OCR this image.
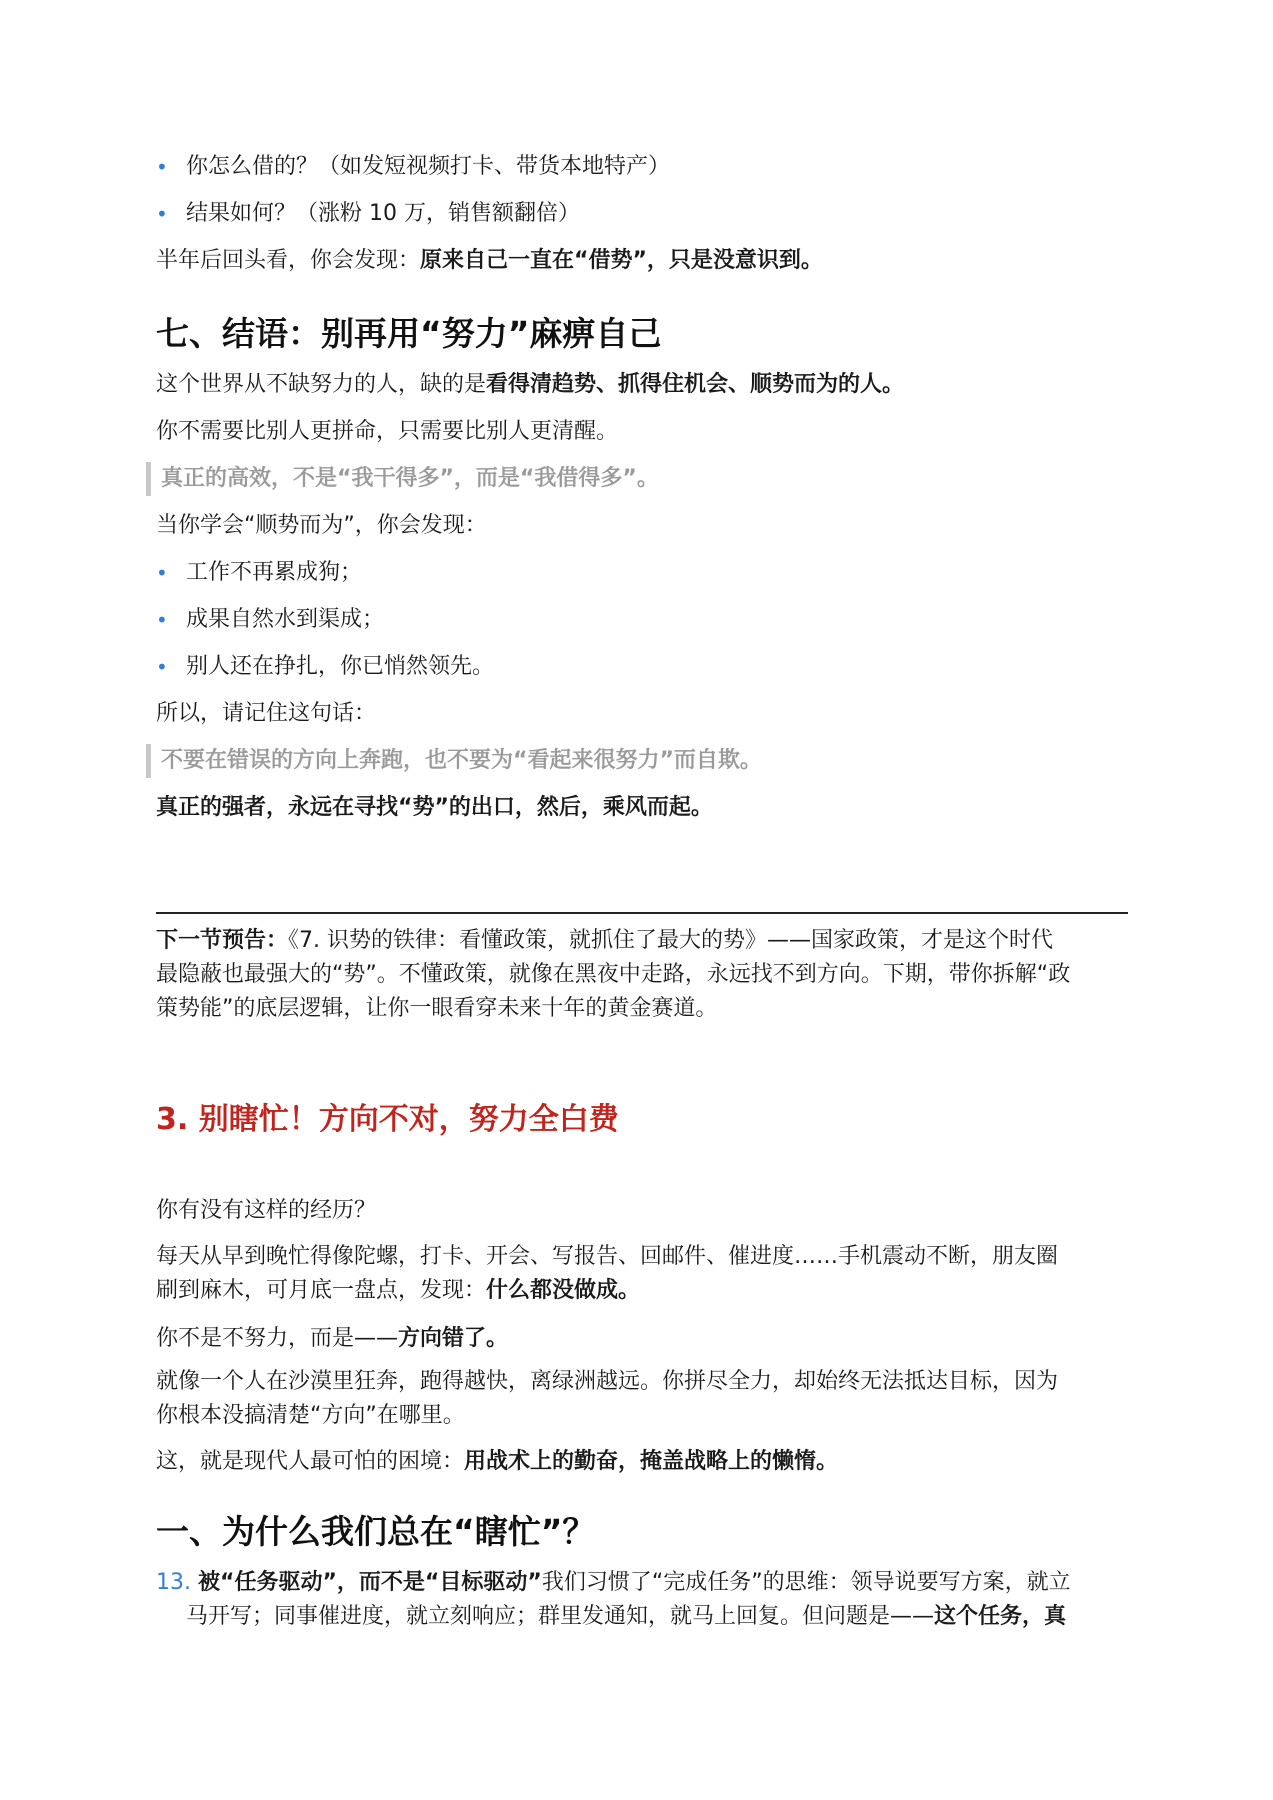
• 你怎么借的？（如发短视频打卡、带货本地特产）
• 结果如何？（涨粉 10 万，销售额翻倍）

半年后回头看，你会发现：原来自己一直在“借势”，只是没意识到。

七、结语：别再用“努力”麻痹自己

这个世界从不缺努力的人，缺的是看得清趋势、抓得住机会、顺势而为的人。

你不需要比别人更拼命，只需要比别人更清醒。

真正的高效，不是“我干得多”，而是“我借得多”。

当你学会“顺势而为”，你会发现：

• 工作不再累成狗；
• 成果自然水到渠成；
• 别人还在挣扎，你已悄然领先。

所以，请记住这句话：

不要在错误的方向上奔跑，也不要为“看起来很努力”而自欺。

真正的强者，永远在寻找“势”的出口，然后，乘风而起。

下一节预告：《7. 识势的铁律：看懂政策，就抓住了最大的势》——国家政策，才是这个时代
最隐蔽也最强大的“势”。不懂政策，就像在黑夜中走路，永远找不到方向。下期，带你拆解“政
策势能”的底层逻辑，让你一眼看穿未来十年的黄金赛道。
3. 别瞎忙！方向不对，努力全白费

你有没有这样的经历？

每天从早到晚忙得像陀螺，打卡、开会、写报告、回邮件、催进度……手机震动不断，朋友圈
刷到麻木，可月底一盘点，发现：什么都没做成。

你不是不努力，而是——方向错了。

就像一个人在沙漠里狂奔，跑得越快，离绿洲越远。你拼尽全力，却始终无法抵达目标，因为
你根本没搞清楚“方向”在哪里。

这，就是现代人最可怕的困境：用战术上的勤奋，掩盖战略上的懒惰。

一、为什么我们总在“瞎忙”？
13. 被“任务驱动”，而不是“目标驱动”我们习惯了“完成任务”的思维：领导说要写方案，就立
马开写；同事催进度，就立刻响应；群里发通知，就马上回复。但问题是——这个任务，真
